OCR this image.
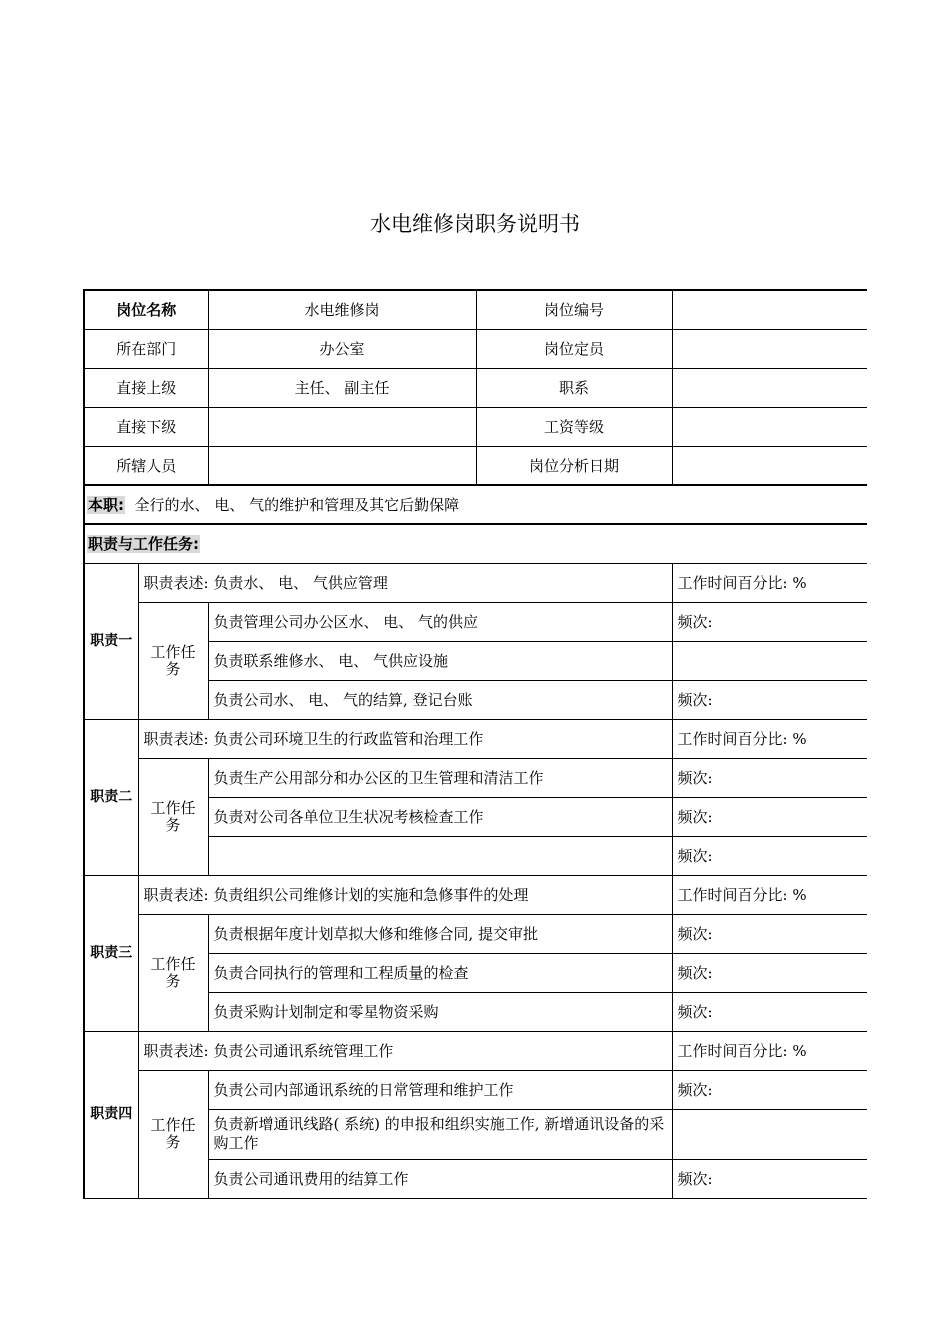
水电维修岗职务说明书
岗位名称		水电维修岗	岗位编号	
所在部门		办公室	岗位定员	
直接上级		主任、 副主任	职系	
直接下级			工资等级	
所辖人员			岗位分析日期	
本职: 全行的水、 电、 气的维护和管理及其它后勤保障				
职责与工作任务:				
职责一	职责表述: 负责水、 电、 气供应管理			工作时间百分比: %
	工作任务	负责管理公司办公区水、 电、 气的供应		频次:
		负责联系维修水、 电、 气供应设施		
		负责公司水、 电、 气的结算, 登记台账		频次:
职责二	职责表述: 负责公司环境卫生的行政监管和治理工作			工作时间百分比: %
	工作任务	负责生产公用部分和办公区的卫生管理和清洁工作		频次:
		负责对公司各单位卫生状况考核检查工作		频次:
				频次:
职责三	职责表述: 负责组织公司维修计划的实施和急修事件的处理			工作时间百分比: %
	工作任务	负责根据年度计划草拟大修和维修合同, 提交审批		频次:
		负责合同执行的管理和工程质量的检查		频次:
		负责采购计划制定和零星物资采购		频次:
职责四	职责表述: 负责公司通讯系统管理工作			工作时间百分比: %
	工作任务	负责公司内部通讯系统的日常管理和维护工作		频次:
		负责新增通讯线路( 系统) 的申报和组织实施工作, 新增通讯设备的采购工作		
		负责公司通讯费用的结算工作		频次:
